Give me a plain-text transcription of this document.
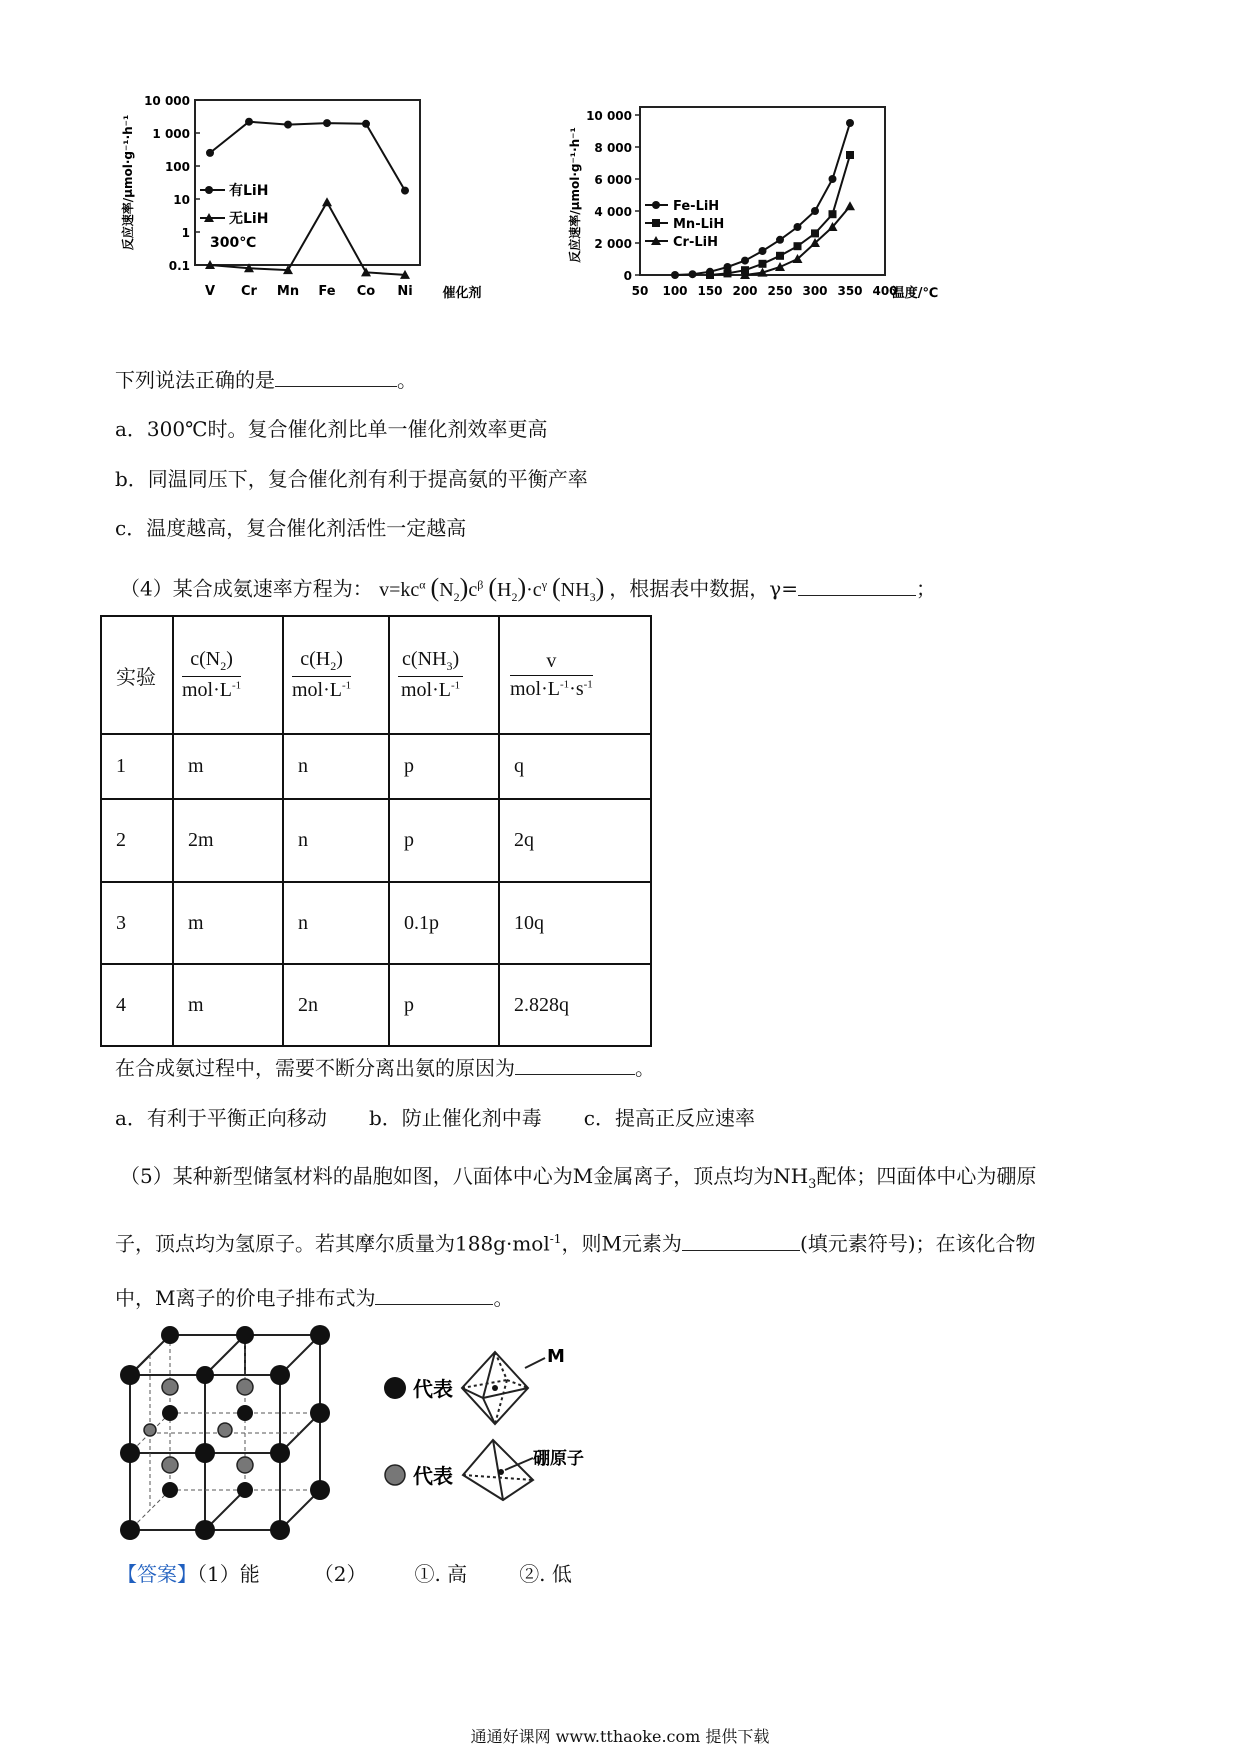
10 000
1 000
100
10
1
0.1
V Cr Mn Fe Co Ni 催化剂
反应速率/μmol·g⁻¹·h⁻¹	有LiH
无LiH
300℃
10 000
8 000
6 000
4 000
2 000
0
50 100 150 200 250 300 350 400
温度/℃
反应速率/μmol·g⁻¹·h⁻¹	Fe-LiH
Mn-LiH
Cr-LiH
下列说法正确的是	。
a．300℃时。复合催化剂比单一催化剂效率更高
b．同温同压下，复合催化剂有利于提高氨的平衡产率
c．温度越高，复合催化剂活性一定越高
（4）某合成氨速率方程为： $v=kc^\alpha$ $(N_2)c^\beta$ $(H_2)\cdot c^\gamma$ $(NH_3)$ ，根据表中数据，γ=	；
实验	$\frac{c(N_2)}{mol\cdot L^{-1}}$	$\frac{c(H_2)}{mol\cdot L^{-1}}$	$\frac{c(NH_3)}{mol\cdot L^{-1}}$	$\frac{v}{mol\cdot L^{-1}\cdot s^{-1}}$

1	m	n	p	q
2	2m	n	p	2q
3	m	n	0.1p	10q
4	m	2n	p	2.828q
在合成氨过程中，需要不断分离出氨的原因为	。
a．有利于平衡正向移动 b．防止催化剂中毒 c．提高正反应速率
（5）某种新型储氢材料的晶胞如图，八面体中心为M金属离子，顶点均为$NH_3$配体；四面体中心为硼原
子，顶点均为氢原子。若其摩尔质量为188g·mol$^{-1}$，则M元素为	(填元素符号)；在该化合物
中，M离子的价电子排布式为	。
代表
M
代表
硼原子
【答案】（1）能	（2） ①. 高	②. 低
通通好课网 www.tthaoke.com 提供下载
